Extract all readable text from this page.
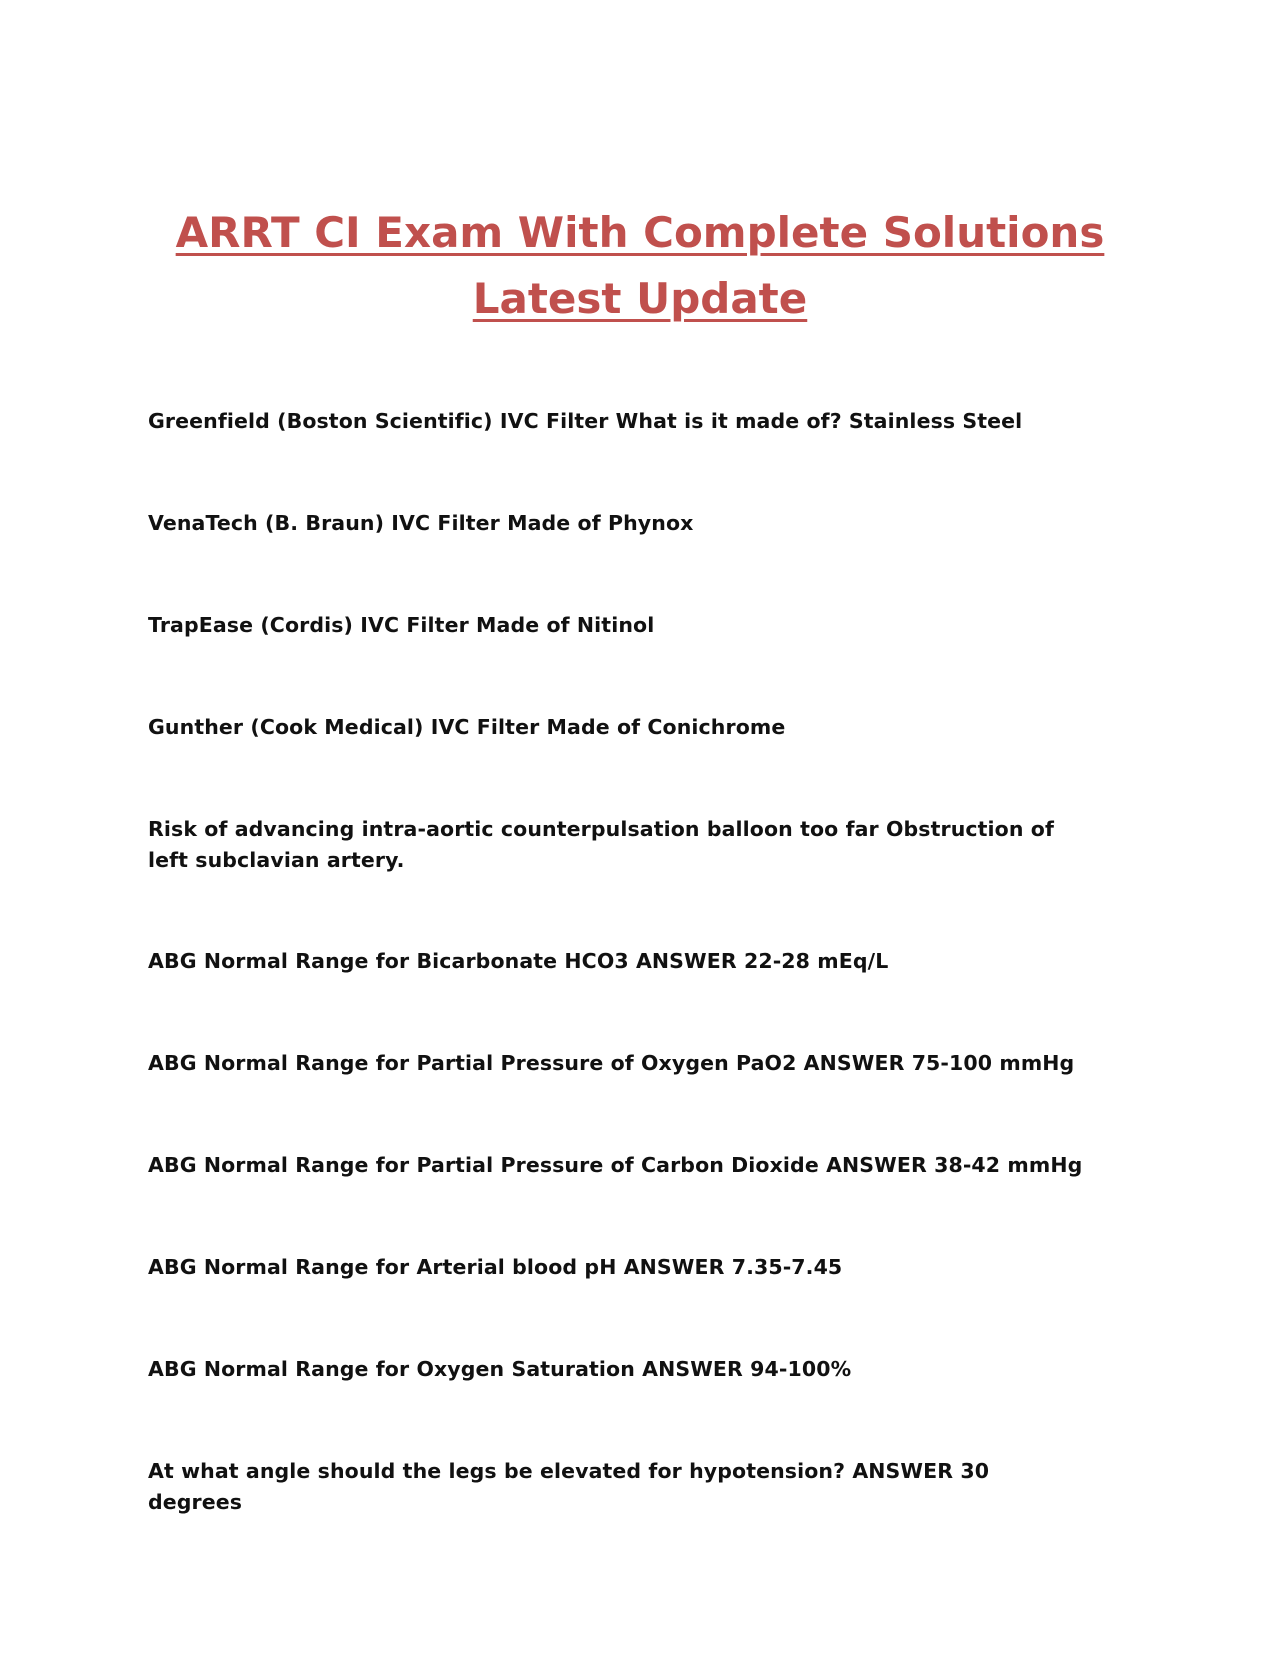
ARRT CI Exam With Complete Solutions
Latest Update
Greenfield (Boston Scientific) IVC Filter What is it made of? Stainless Steel
VenaTech (B. Braun) IVC Filter Made of Phynox
TrapEase (Cordis) IVC Filter Made of Nitinol
Gunther (Cook Medical) IVC Filter Made of Conichrome
Risk of advancing intra-aortic counterpulsation balloon too far Obstruction of left subclavian artery.
ABG Normal Range for Bicarbonate HCO3 ANSWER 22-28 mEq/L
ABG Normal Range for Partial Pressure of Oxygen PaO2 ANSWER 75-100 mmHg
ABG Normal Range for Partial Pressure of Carbon Dioxide ANSWER 38-42 mmHg
ABG Normal Range for Arterial blood pH ANSWER 7.35-7.45
ABG Normal Range for Oxygen Saturation ANSWER 94-100%
At what angle should the legs be elevated for hypotension? ANSWER 30 degrees
